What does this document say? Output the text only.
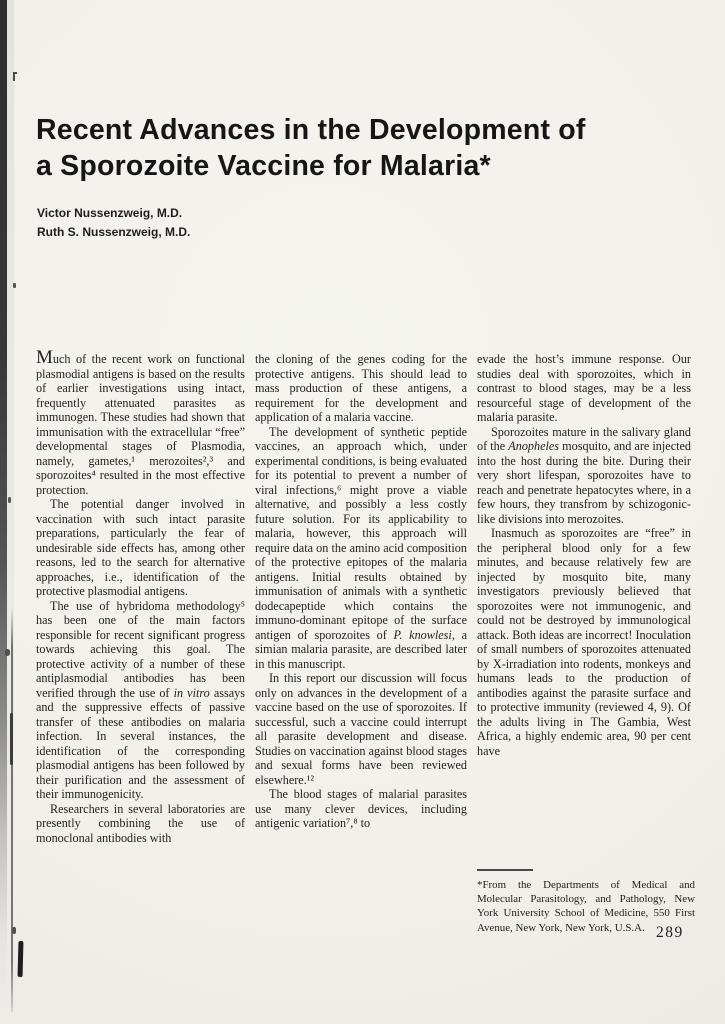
Recent Advances in the Development of
a Sporozoite Vaccine for Malaria*
Victor Nussenzweig, M.D.
Ruth S. Nussenzweig, M.D.

Much of the recent work on functional plasmodial antigens is based on the results of earlier investigations using intact, frequently attenuated parasites as immunogen. These studies had shown that immunisation with the extracellular “free” developmental stages of Plasmodia, namely, gametes,¹ merozoites²,³ and sporozoites⁴ resulted in the most effective protection.

The potential danger involved in vaccination with such intact parasite preparations, particularly the fear of undesirable side effects has, among other reasons, led to the search for alternative approaches, i.e., identification of the protective plasmodial antigens.

The use of hybridoma methodology⁵ has been one of the main factors responsible for recent significant progress towards achieving this goal. The protective activity of a number of these antiplasmodial antibodies has been verified through the use of in vitro assays and the suppressive effects of passive transfer of these antibodies on malaria infection. In several instances, the identification of the corresponding plasmodial antigens has been followed by their purification and the assessment of their immunogenicity.

Researchers in several laboratories are presently combining the use of monoclonal antibodies with

the cloning of the genes coding for the protective antigens. This should lead to mass production of these antigens, a requirement for the development and application of a malaria vaccine.

The development of synthetic peptide vaccines, an approach which, under experimental conditions, is being evaluated for its potential to prevent a number of viral infections,⁶ might prove a viable alternative, and possibly a less costly future solution. For its applicability to malaria, however, this approach will require data on the amino acid composition of the protective epitopes of the malaria antigens. Initial results obtained by immunisation of animals with a synthetic dodecapeptide which contains the immuno-dominant epitope of the surface antigen of sporozoites of P. knowlesi, a simian malaria parasite, are described later in this manuscript.

In this report our discussion will focus only on advances in the development of a vaccine based on the use of sporozoites. If successful, such a vaccine could interrupt all parasite development and disease. Studies on vaccination against blood stages and sexual forms have been reviewed elsewhere.¹²

The blood stages of malarial parasites use many clever devices, including antigenic variation⁷,⁸ to

evade the host’s immune response. Our studies deal with sporozoites, which in contrast to blood stages, may be a less resourceful stage of development of the malaria parasite.

Sporozoites mature in the salivary gland of the Anopheles mosquito, and are injected into the host during the bite. During their very short lifespan, sporozoites have to reach and penetrate hepatocytes where, in a few hours, they transfrom by schizogonic-like divisions into merozoites.

Inasmuch as sporozoites are “free” in the peripheral blood only for a few minutes, and because relatively few are injected by mosquito bite, many investigators previously believed that sporozoites were not immunogenic, and could not be destroyed by immunological attack. Both ideas are incorrect! Inoculation of small numbers of sporozoites attenuated by X-irradiation into rodents, monkeys and humans leads to the production of antibodies against the parasite surface and to protective immunity (reviewed 4, 9). Of the adults living in The Gambia, West Africa, a highly endemic area, 90 per cent have

*From the Departments of Medical and Molecular Parasitology, and Pathology, New York University School of Medicine, 550 First Avenue, New York, New York, U.S.A. 289
